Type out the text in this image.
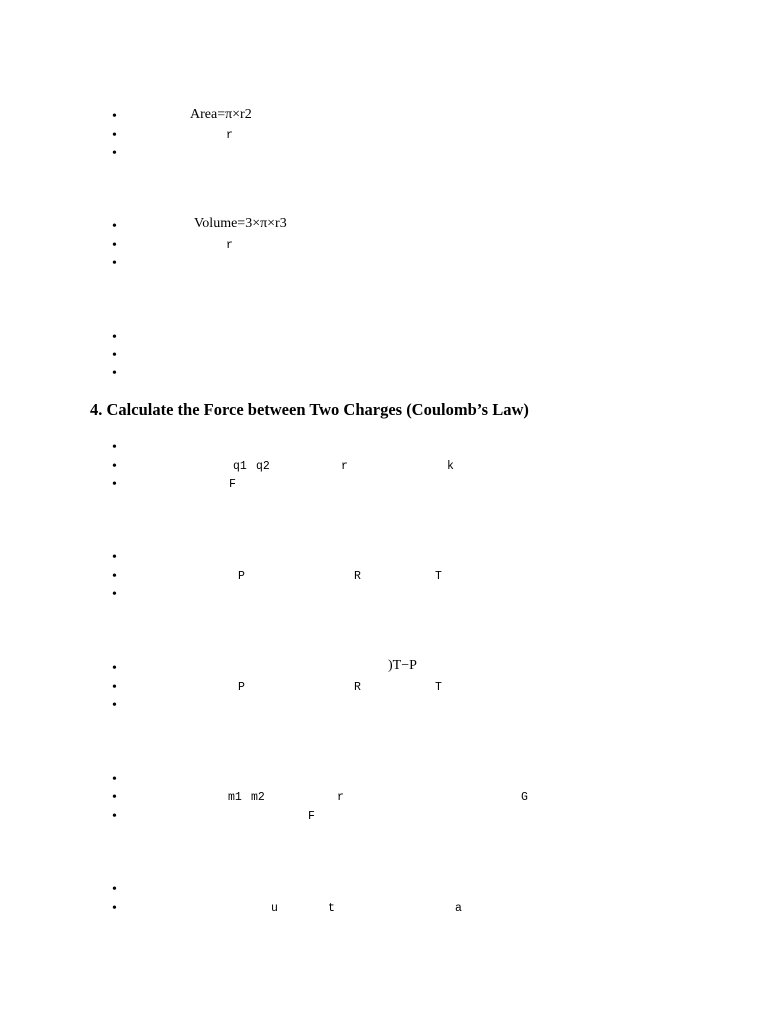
•
Area=π×r2
•
r
•
•
Volume=3×π×r3
•
r
•
•
•
•
4. Calculate the Force between Two Charges (Coulomb’s Law)
•
•
q1 q2	r	k
•
F
•
•
P	R	T
•
•
)T−P
•
P	R	T
•
•
•
m1 m2	r	G
•
F
•
•
u	t	a
